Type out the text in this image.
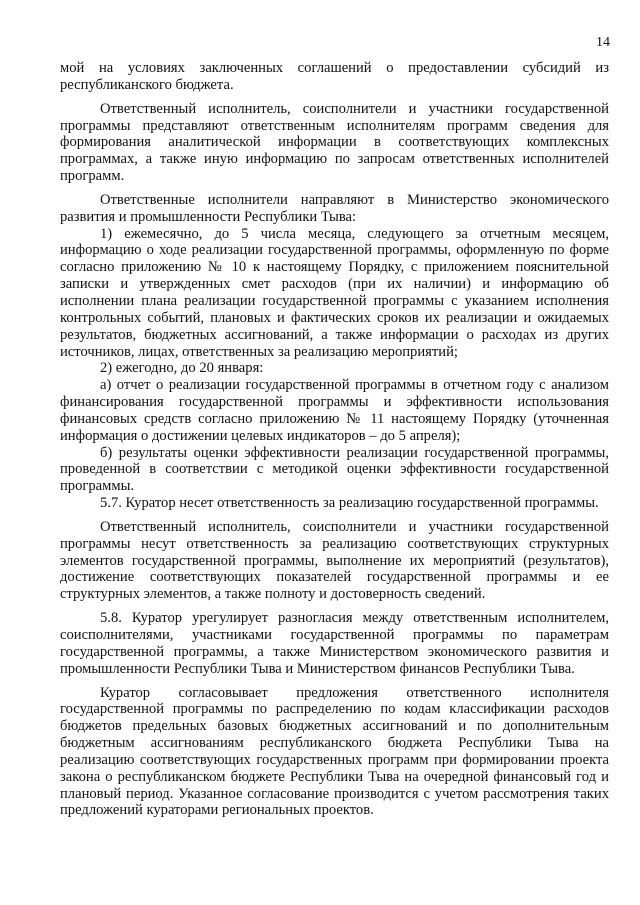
14

мой на условиях заключенных соглашений о предоставлении субсидий из республиканского бюджета.

Ответственный исполнитель, соисполнители и участники государственной программы представляют ответственным исполнителям программ сведения для формирования аналитической информации в соответствующих комплексных программах, а также иную информацию по запросам ответственных исполнителей программ.

Ответственные исполнители направляют в Министерство экономического развития и промышленности Республики Тыва:

1) ежемесячно, до 5 числа месяца, следующего за отчетным месяцем, информацию о ходе реализации государственной программы, оформленную по форме согласно приложению № 10 к настоящему Порядку, с приложением пояснительной записки и утвержденных смет расходов (при их наличии) и информацию об исполнении плана реализации государственной программы с указанием исполнения контрольных событий, плановых и фактических сроков их реализации и ожидаемых результатов, бюджетных ассигнований, а также информации о расходах из других источников, лицах, ответственных за реализацию мероприятий;

2) ежегодно, до 20 января:

а) отчет о реализации государственной программы в отчетном году с анализом финансирования государственной программы и эффективности использования финансовых средств согласно приложению № 11 настоящему Порядку (уточненная информация о достижении целевых индикаторов – до 5 апреля);

б) результаты оценки эффективности реализации государственной программы, проведенной в соответствии с методикой оценки эффективности государственной программы.

5.7. Куратор несет ответственность за реализацию государственной программы.

Ответственный исполнитель, соисполнители и участники государственной программы несут ответственность за реализацию соответствующих структурных элементов государственной программы, выполнение их мероприятий (результатов), достижение соответствующих показателей государственной программы и ее структурных элементов, а также полноту и достоверность сведений.

5.8. Куратор урегулирует разногласия между ответственным исполнителем, соисполнителями, участниками государственной программы по параметрам государственной программы, а также Министерством экономического развития и промышленности Республики Тыва и Министерством финансов Республики Тыва.

Куратор согласовывает предложения ответственного исполнителя государственной программы по распределению по кодам классификации расходов бюджетов предельных базовых бюджетных ассигнований и по дополнительным бюджетным ассигнованиям республиканского бюджета Республики Тыва на реализацию соответствующих государственных программ при формировании проекта закона о республиканском бюджете Республики Тыва на очередной финансовый год и плановый период. Указанное согласование производится с учетом рассмотрения таких предложений кураторами региональных проектов.
